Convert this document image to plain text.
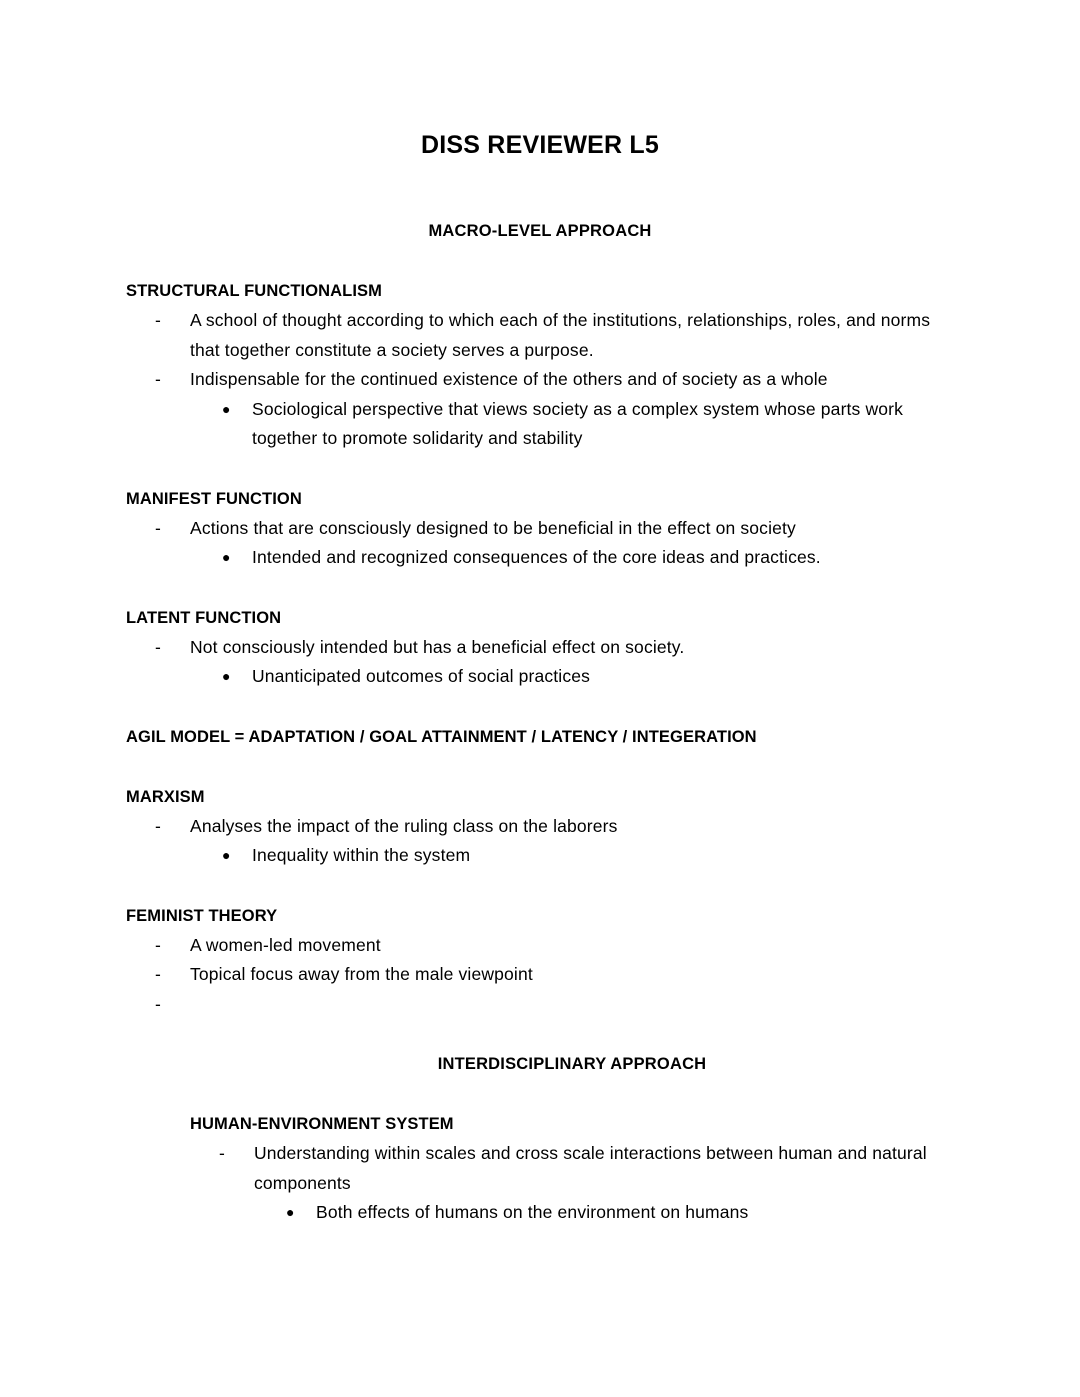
DISS REVIEWER L5
MACRO-LEVEL APPROACH
STRUCTURAL FUNCTIONALISM
-	A school of thought according to which each of the institutions, relationships, roles, and norms that together constitute a society serves a purpose.
-	Indispensable for the continued existence of the others and of society as a whole
●	Sociological perspective that views society as a complex system whose parts work together to promote solidarity and stability
MANIFEST FUNCTION
-	Actions that are consciously designed to be beneficial in the effect on society
●	Intended and recognized consequences of the core ideas and practices.
LATENT FUNCTION
-	Not consciously intended but has a beneficial effect on society.
●	Unanticipated outcomes of social practices
AGIL MODEL = ADAPTATION / GOAL ATTAINMENT / LATENCY / INTEGERATION
MARXISM
-	Analyses the impact of the ruling class on the laborers
●	Inequality within the system
FEMINIST THEORY
-	A women-led movement
-	Topical focus away from the male viewpoint
-
INTERDISCIPLINARY APPROACH
HUMAN-ENVIRONMENT SYSTEM
-	Understanding within scales and cross scale interactions between human and natural components
●	Both effects of humans on the environment on humans
